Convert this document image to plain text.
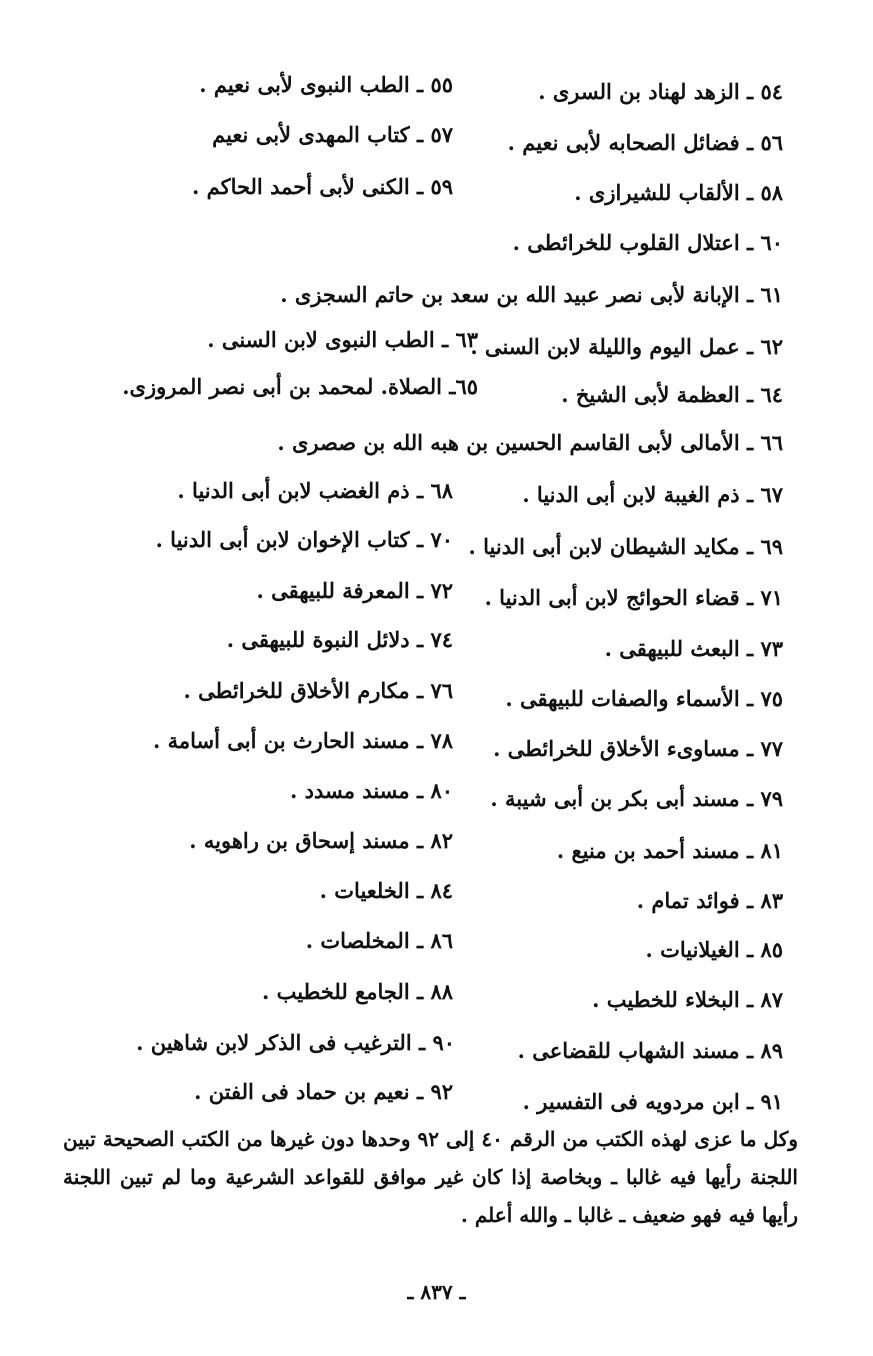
٥٤ ـ الزهد لهناد بن السرى .
٥٥ ـ الطب النبوى لأبى نعيم .
٥٦ ـ فضائل الصحابه لأبى نعيم .
٥٧ ـ كتاب المهدى لأبى نعيم
٥٨ ـ الألقاب للشيرازى .
٥٩ ـ الكنى لأبى أحمد الحاكم .
٦٠ ـ اعتلال القلوب للخرائطى .
٦١ ـ الإبانة لأبى نصر عبيد الله بن سعد بن حاتم السجزى .
٦٢ ـ عمل اليوم والليلة لابن السنى .
٦٣ ـ الطب النبوى لابن السنى .
٦٤ ـ العظمة لأبى الشيخ .
٦٥ـ الصلاة. لمحمد بن أبى نصر المروزى.
٦٦ ـ الأمالى لأبى القاسم الحسين بن هبه الله بن صصرى .
٦٧ ـ ذم الغيبة لابن أبى الدنيا .
٦٨ ـ ذم الغضب لابن أبى الدنيا .
٦٩ ـ مكايد الشيطان لابن أبى الدنيا .
٧٠ ـ كتاب الإخوان لابن أبى الدنيا .
٧١ ـ قضاء الحوائج لابن أبى الدنيا .
٧٢ ـ المعرفة للبيهقى .
٧٣ ـ البعث للبيهقى .
٧٤ ـ دلائل النبوة للبيهقى .
٧٥ ـ الأسماء والصفات للبيهقى .
٧٦ ـ مكارم الأخلاق للخرائطى .
٧٧ ـ مساوىء الأخلاق للخرائطى .
٧٨ ـ مسند الحارث بن أبى أسامة .
٧٩ ـ مسند أبى بكر بن أبى شيبة .
٨٠ ـ مسند مسدد .
٨١ ـ مسند أحمد بن منيع .
٨٢ ـ مسند إسحاق بن راهويه .
٨٣ ـ فوائد تمام .
٨٤ ـ الخلعيات .
٨٥ ـ الغيلانيات .
٨٦ ـ المخلصات .
٨٧ ـ البخلاء للخطيب .
٨٨ ـ الجامع للخطيب .
٨٩ ـ مسند الشهاب للقضاعى .
٩٠ ـ الترغيب فى الذكر لابن شاهين .
٩١ ـ ابن مردويه فى التفسير .
٩٢ ـ نعيم بن حماد فى الفتن .
وكل ما عزى لهذه الكتب من الرقم ٤٠ إلى ٩٢ وحدها دون غيرها من الكتب الصحيحة تبين اللجنة رأيها فيه غالبا ـ وبخاصة إذا كان غير موافق للقواعد الشرعية وما لم تبين اللجنة رأيها فيه فهو ضعيف ـ غالبا ـ والله أعلم .
ـ ٨٣٧ ـ
